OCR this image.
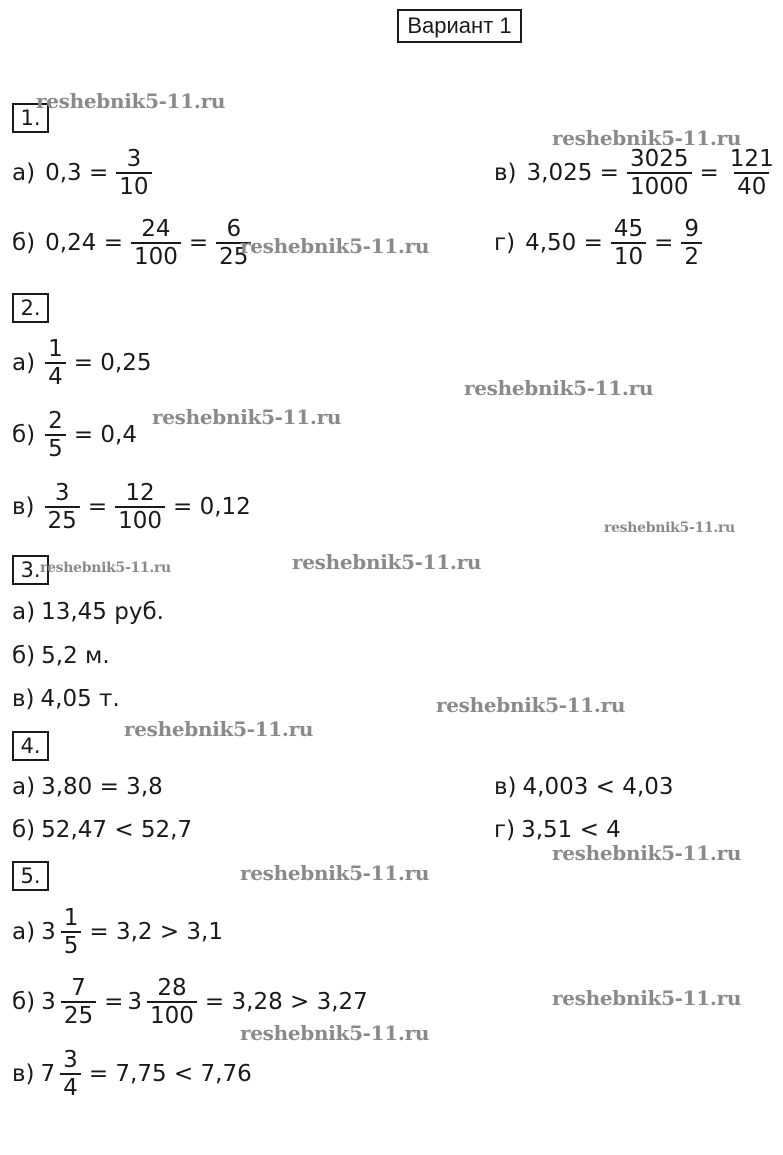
Вариант 1
1.
2.
3.
4.
5.
а) $0,3 = \frac{3}{10}$	в) $3,025 = \frac{3025}{1000} = \frac{121}{40}$
б) $0,24 = \frac{24}{100} = \frac{6}{25}$	г) $4,50 = \frac{45}{10} = \frac{9}{2}$
$а) \frac{1}{4} = 0,25$
$б) \frac{2}{5} = 0,4$
$в) \frac{3}{25} = \frac{12}{100} = 0,12$
а) 13,45 руб.
б) 5,2 м.
в) 4,05 т.
а) 3,80 = 3,8	в) 4,003 < 4,03
б) 52,47 < 52,7	г) 3,51 < 4
а) $3 \frac{1}{5} = 3,2 > 3,1$
б) $3 \frac{7}{25} = 3 \frac{28}{100} = 3,28 > 3,27$
в) $7 \frac{3}{4} = 7,75 < 7,76$
reshebnik5-11.ru
reshebnik5-11.ru
reshebnik5-11.ru
reshebnik5-11.ru
reshebnik5-11.ru
reshebnik5-11.ru
reshebnik5-11.ru
reshebnik5-11.ru
reshebnik5-11.ru
reshebnik5-11.ru
reshebnik5-11.ru
reshebnik5-11.ru
reshebnik5-11.ru
reshebnik5-11.ru
